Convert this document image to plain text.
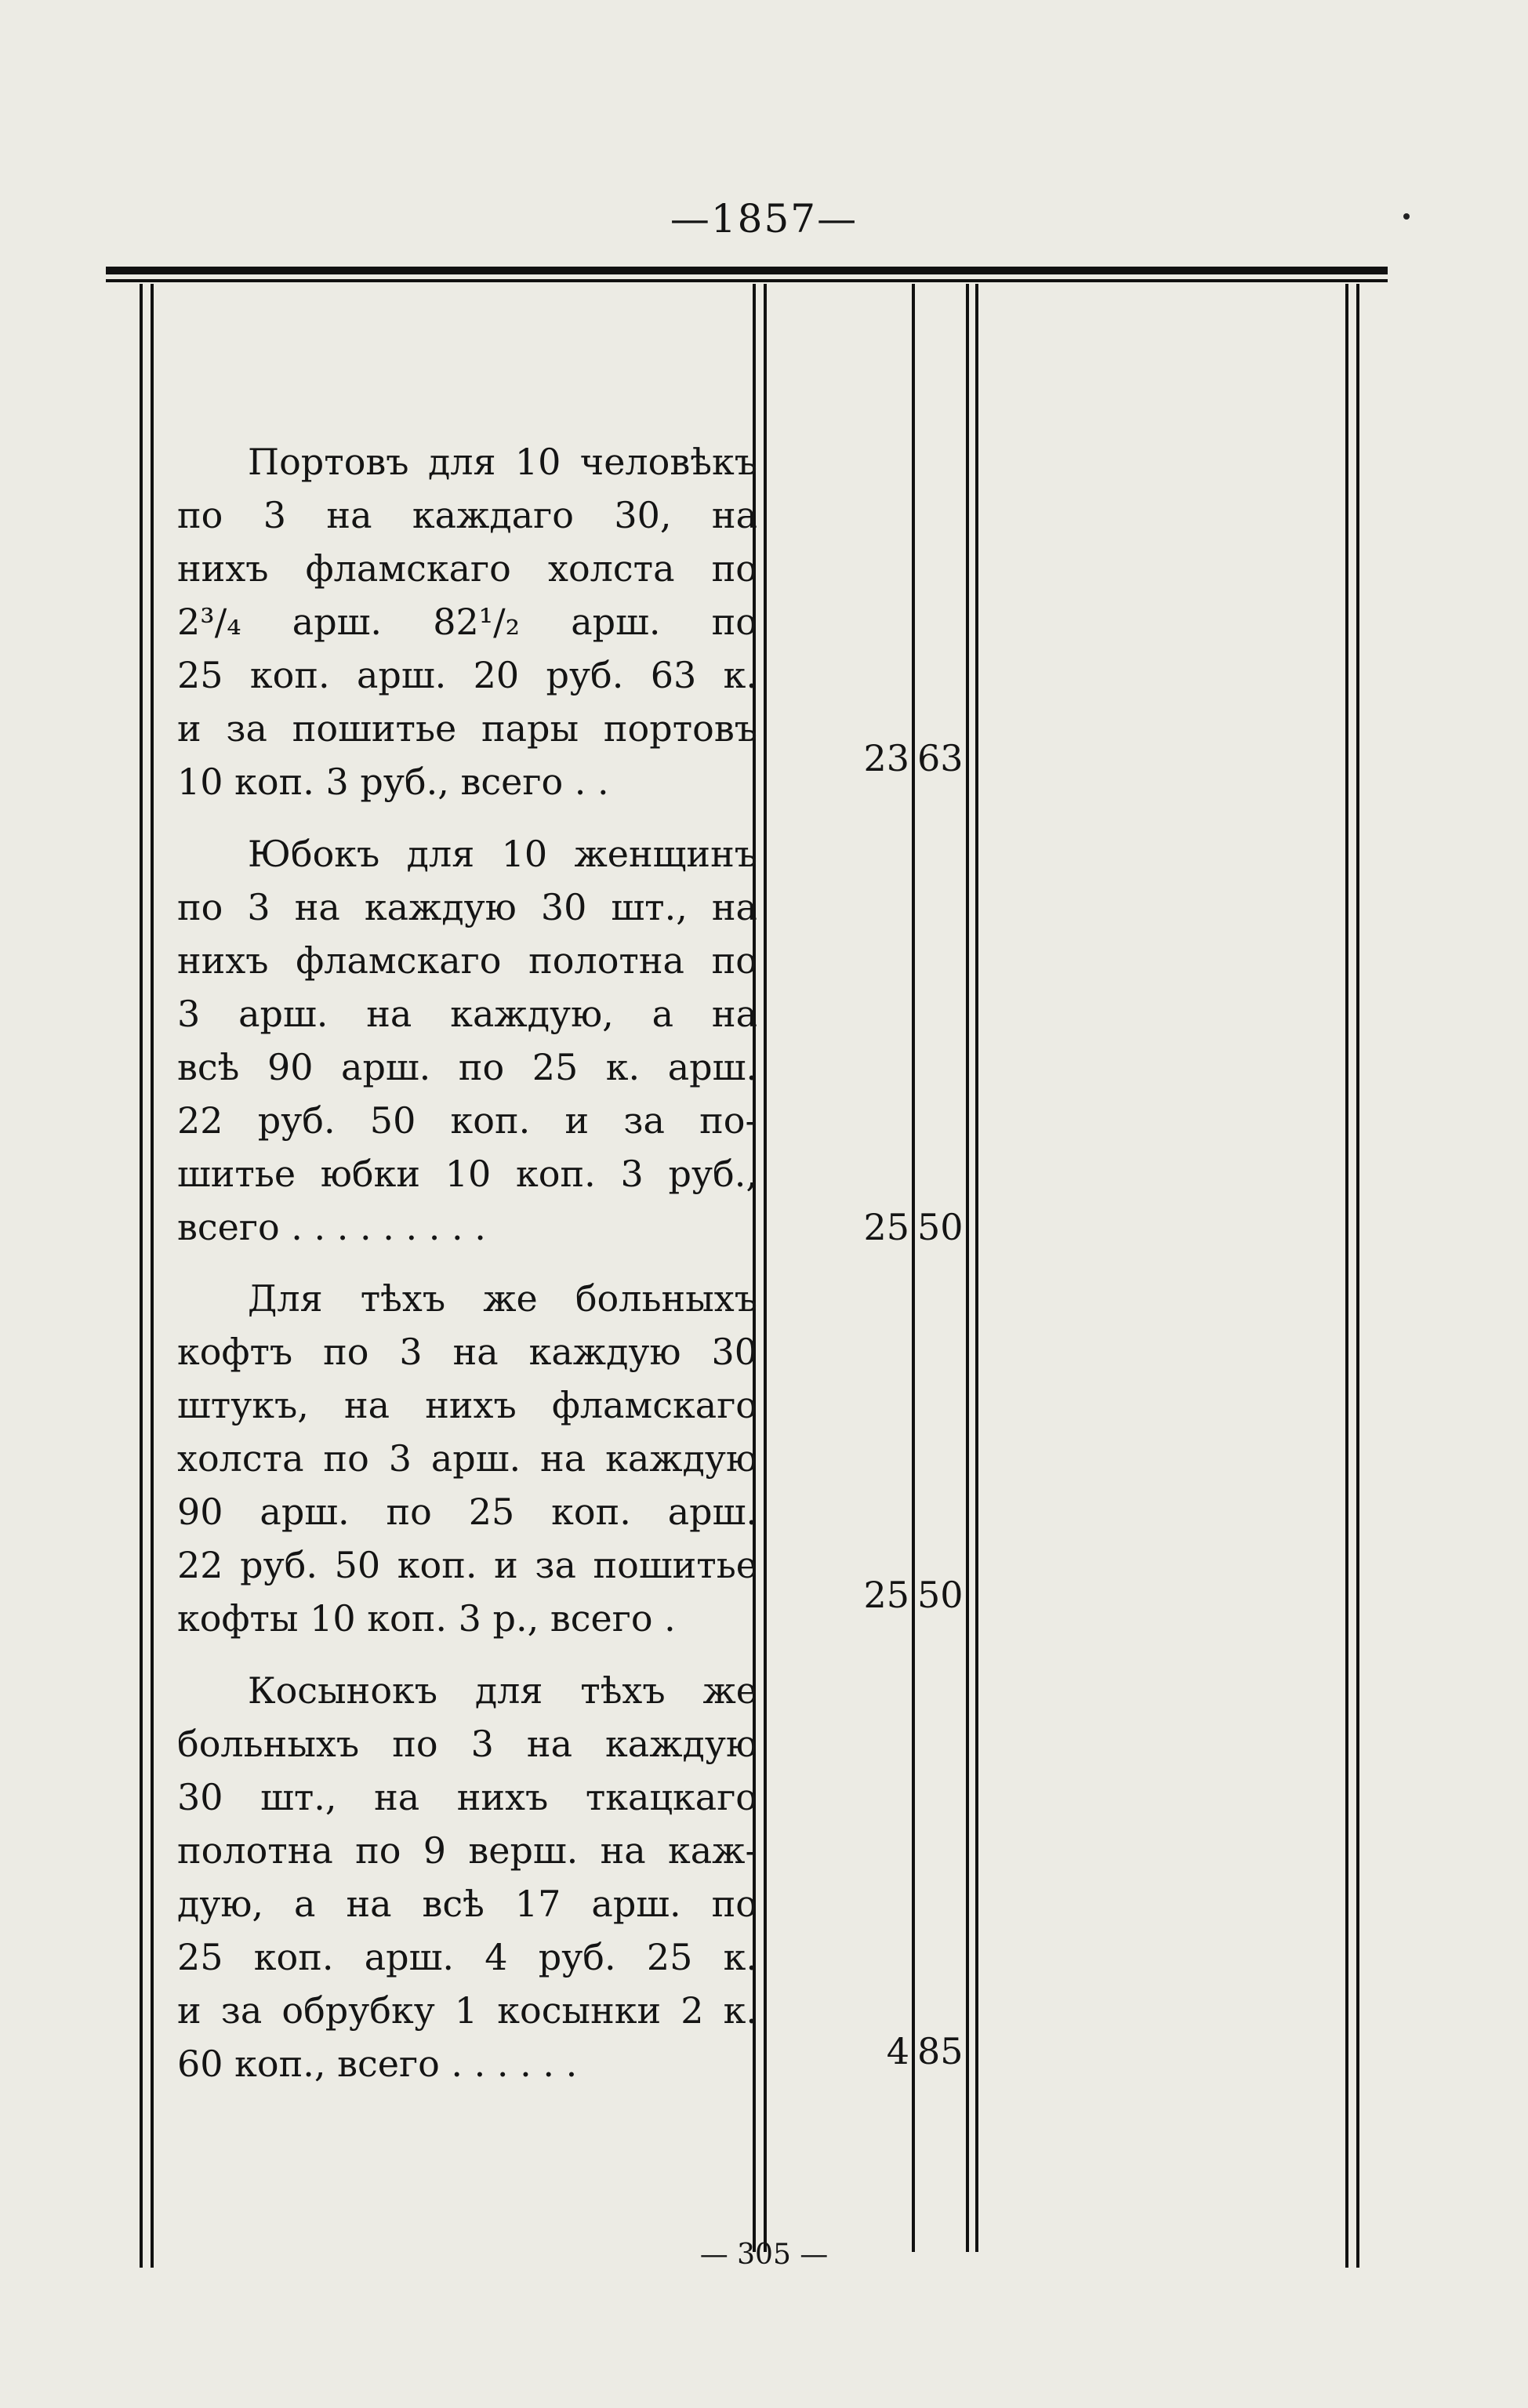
—1857—
Портовъ для 10 человѣкъ
по 3 на каждаго 30, на
нихъ фламскаго холста по
2³/₄ арш. 82¹/₂ арш. по
25 коп. арш. 20 руб. 63 к.
и за пошитье пары портовъ
10 коп. 3 руб., всего . .
Юбокъ для 10 женщинъ
по 3 на каждую 30 шт., на
нихъ фламскаго полотна по
3 арш. на каждую, а на
всѣ 90 арш. по 25 к. арш.
22 руб. 50 коп. и за по-
шитье юбки 10 коп. 3 руб.,
всего . . . . . . . . .
Для тѣхъ же больныхъ
кофтъ по 3 на каждую 30
штукъ, на нихъ фламскаго
холста по 3 арш. на каждую
90 арш. по 25 коп. арш.
22 руб. 50 коп. и за пошитье
кофты 10 коп. 3 р., всего .
Косынокъ для тѣхъ же
больныхъ по 3 на каждую
30 шт., на нихъ ткацкаго
полотна по 9 верш. на каж-
дую, а на всѣ 17 арш. по
25 коп. арш. 4 руб. 25 к.
и за обрубку 1 косынки 2 к.
60 коп., всего . . . . . .
23 63
25 50
25 50
4 85
— 305 —
